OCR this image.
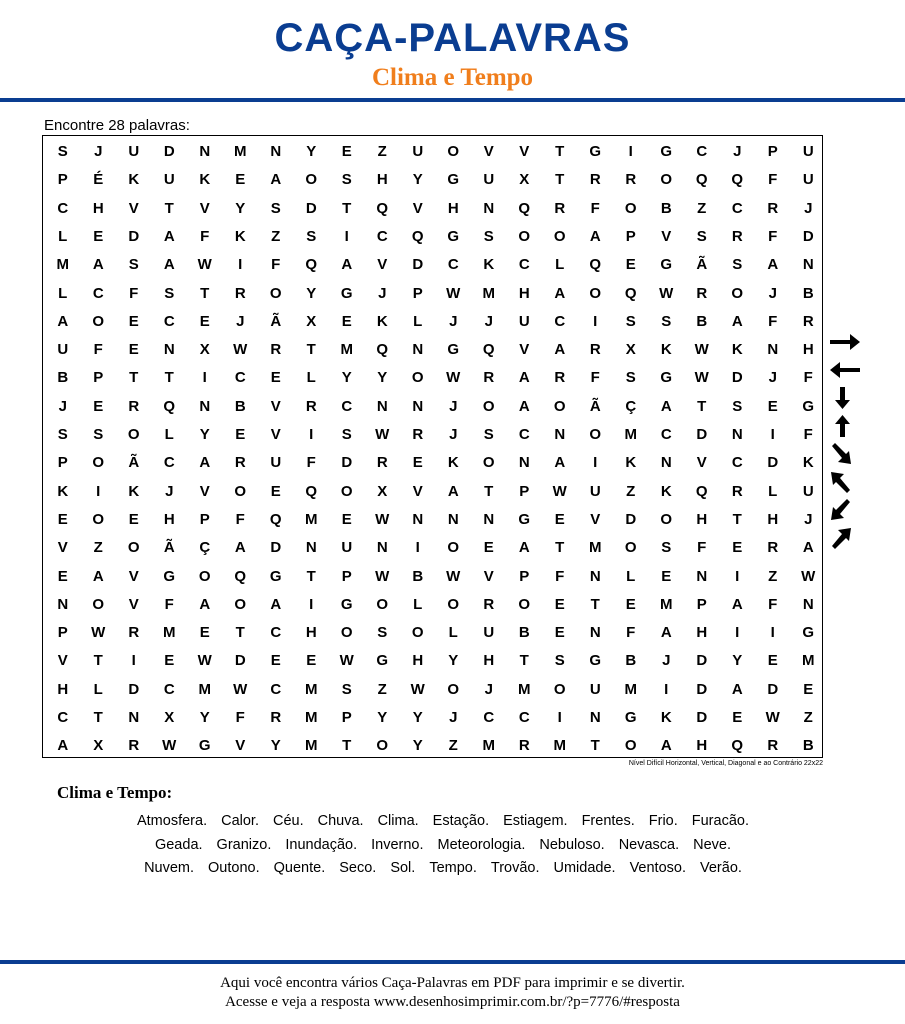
CAÇA-PALAVRAS
Clima e Tempo
Encontre 28 palavras:
S	J	U	D	N	M	N	Y	E	Z	U	O	V	V	T	G	I	G	C	J	P	U
P	É	K	U	K	E	A	O	S	H	Y	G	U	X	T	R	R	O	Q	Q	F	U
C	H	V	T	V	Y	S	D	T	Q	V	H	N	Q	R	F	O	B	Z	C	R	J
L	E	D	A	F	K	Z	S	I	C	Q	G	S	O	O	A	P	V	S	R	F	D
M	A	S	A	W	I	F	Q	A	V	D	C	K	C	L	Q	E	G	Ã	S	A	N
L	C	F	S	T	R	O	Y	G	J	P	W	M	H	A	O	Q	W	R	O	J	B
A	O	E	C	E	J	Ã	X	E	K	L	J	J	U	C	I	S	S	B	A	F	R
U	F	E	N	X	W	R	T	M	Q	N	G	Q	V	A	R	X	K	W	K	N	H
B	P	T	T	I	C	E	L	Y	Y	O	W	R	A	R	F	S	G	W	D	J	F
J	E	R	Q	N	B	V	R	C	N	N	J	O	A	O	Ã	Ç	A	T	S	E	G
S	S	O	L	Y	E	V	I	S	W	R	J	S	C	N	O	M	C	D	N	I	F
P	O	Ã	C	A	R	U	F	D	R	E	K	O	N	A	I	K	N	V	C	D	K
K	I	K	J	V	O	E	Q	O	X	V	A	T	P	W	U	Z	K	Q	R	L	U
E	O	E	H	P	F	Q	M	E	W	N	N	N	G	E	V	D	O	H	T	H	J
V	Z	O	Ã	Ç	A	D	N	U	N	I	O	E	A	T	M	O	S	F	E	R	A
E	A	V	G	O	Q	G	T	P	W	B	W	V	P	F	N	L	E	N	I	Z	W
N	O	V	F	A	O	A	I	G	O	L	O	R	O	E	T	E	M	P	A	F	N
P	W	R	M	E	T	C	H	O	S	O	L	U	B	E	N	F	A	H	I	I	G
V	T	I	E	W	D	E	E	W	G	H	Y	H	T	S	G	B	J	D	Y	E	M
H	L	D	C	M	W	C	M	S	Z	W	O	J	M	O	U	M	I	D	A	D	E
C	T	N	X	Y	F	R	M	P	Y	Y	J	C	C	I	N	G	K	D	E	W	Z
A	X	R	W	G	V	Y	M	T	O	Y	Z	M	R	M	T	O	A	H	Q	R	B
Nível Difícil Horizontal, Vertical, Diagonal e ao Contrário 22x22
Clima e Tempo:
Atmosfera. Calor. Céu. Chuva. Clima. Estação. Estiagem. Frentes. Frio. Furacão.
Geada. Granizo. Inundação. Inverno. Meteorologia. Nebuloso. Nevasca. Neve.
Nuvem. Outono. Quente. Seco. Sol. Tempo. Trovão. Umidade. Ventoso. Verão.
Aqui você encontra vários Caça-Palavras em PDF para imprimir e se divertir.
Acesse e veja a resposta www.desenhosimprimir.com.br/?p=7776/#resposta
